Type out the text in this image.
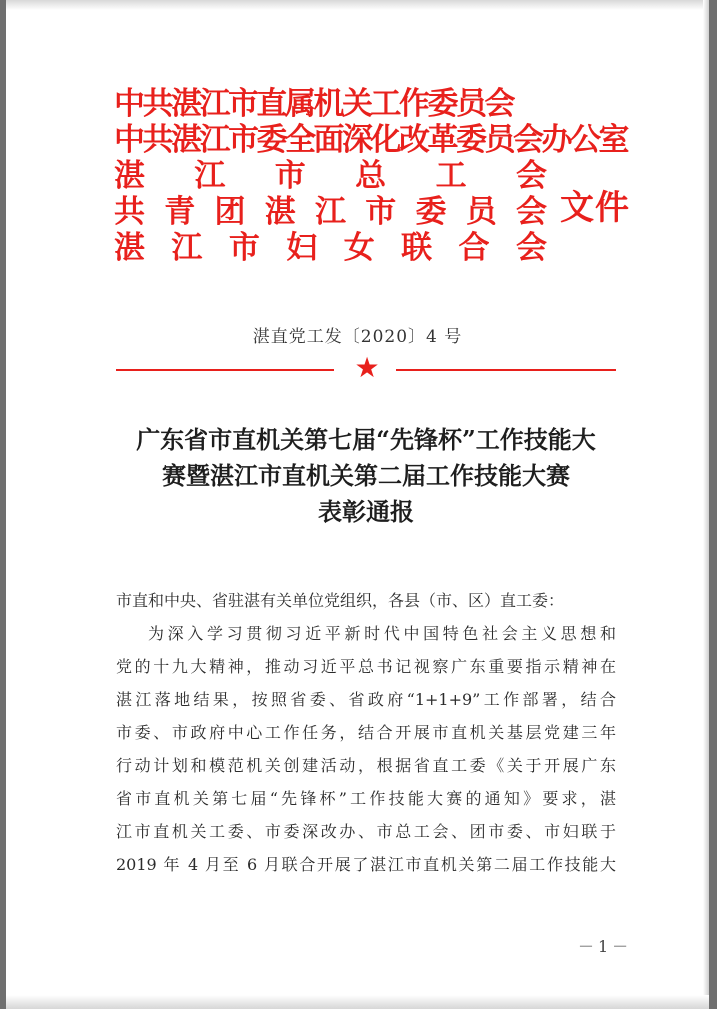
中共湛江市直属机关工作委员会
中共湛江市委全面深化改革委员会办公室
湛 江 市 总 工 会
共 青 团 湛 江 市 委 员 会
湛 江 市 妇 女 联 合 会
文件
湛直党工发〔2020〕4 号
★
广东省市直机关第七届“先锋杯”工作技能大
赛暨湛江市直机关第二届工作技能大赛
表彰通报
市直和中央、省驻湛有关单位党组织，各县（市、区）直工委：
为深入学习贯彻习近平新时代中国特色社会主义思想和
党的十九大精神，推动习近平总书记视察广东重要指示精神在
湛江落地结果，按照省委、省政府“1+1+9”工作部署，结合
市委、市政府中心工作任务，结合开展市直机关基层党建三年
行动计划和模范机关创建活动，根据省直工委《关于开展广东
省市直机关第七届“先锋杯”工作技能大赛的通知》要求，湛
江市直机关工委、市委深改办、市总工会、团市委、市妇联于
2019 年 4 月至 6 月联合开展了湛江市直机关第二届工作技能大
－1－
